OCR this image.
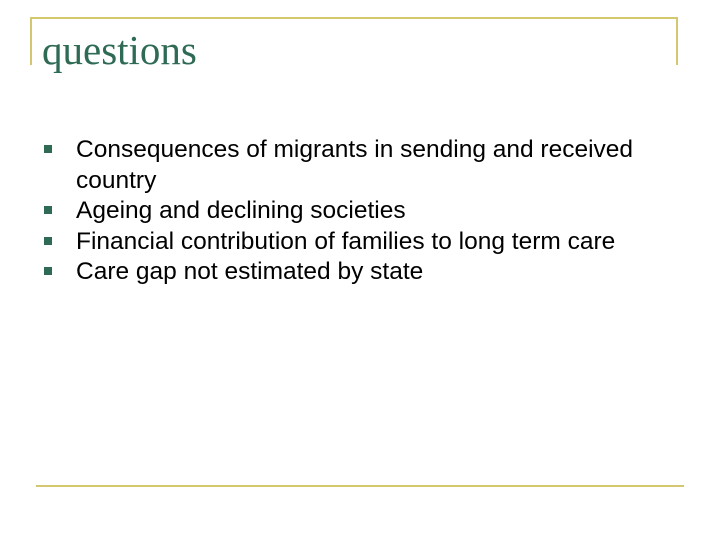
questions
Consequences of migrants in sending and received country
Ageing and declining societies
Financial contribution of families to long term care
Care gap not estimated by state
